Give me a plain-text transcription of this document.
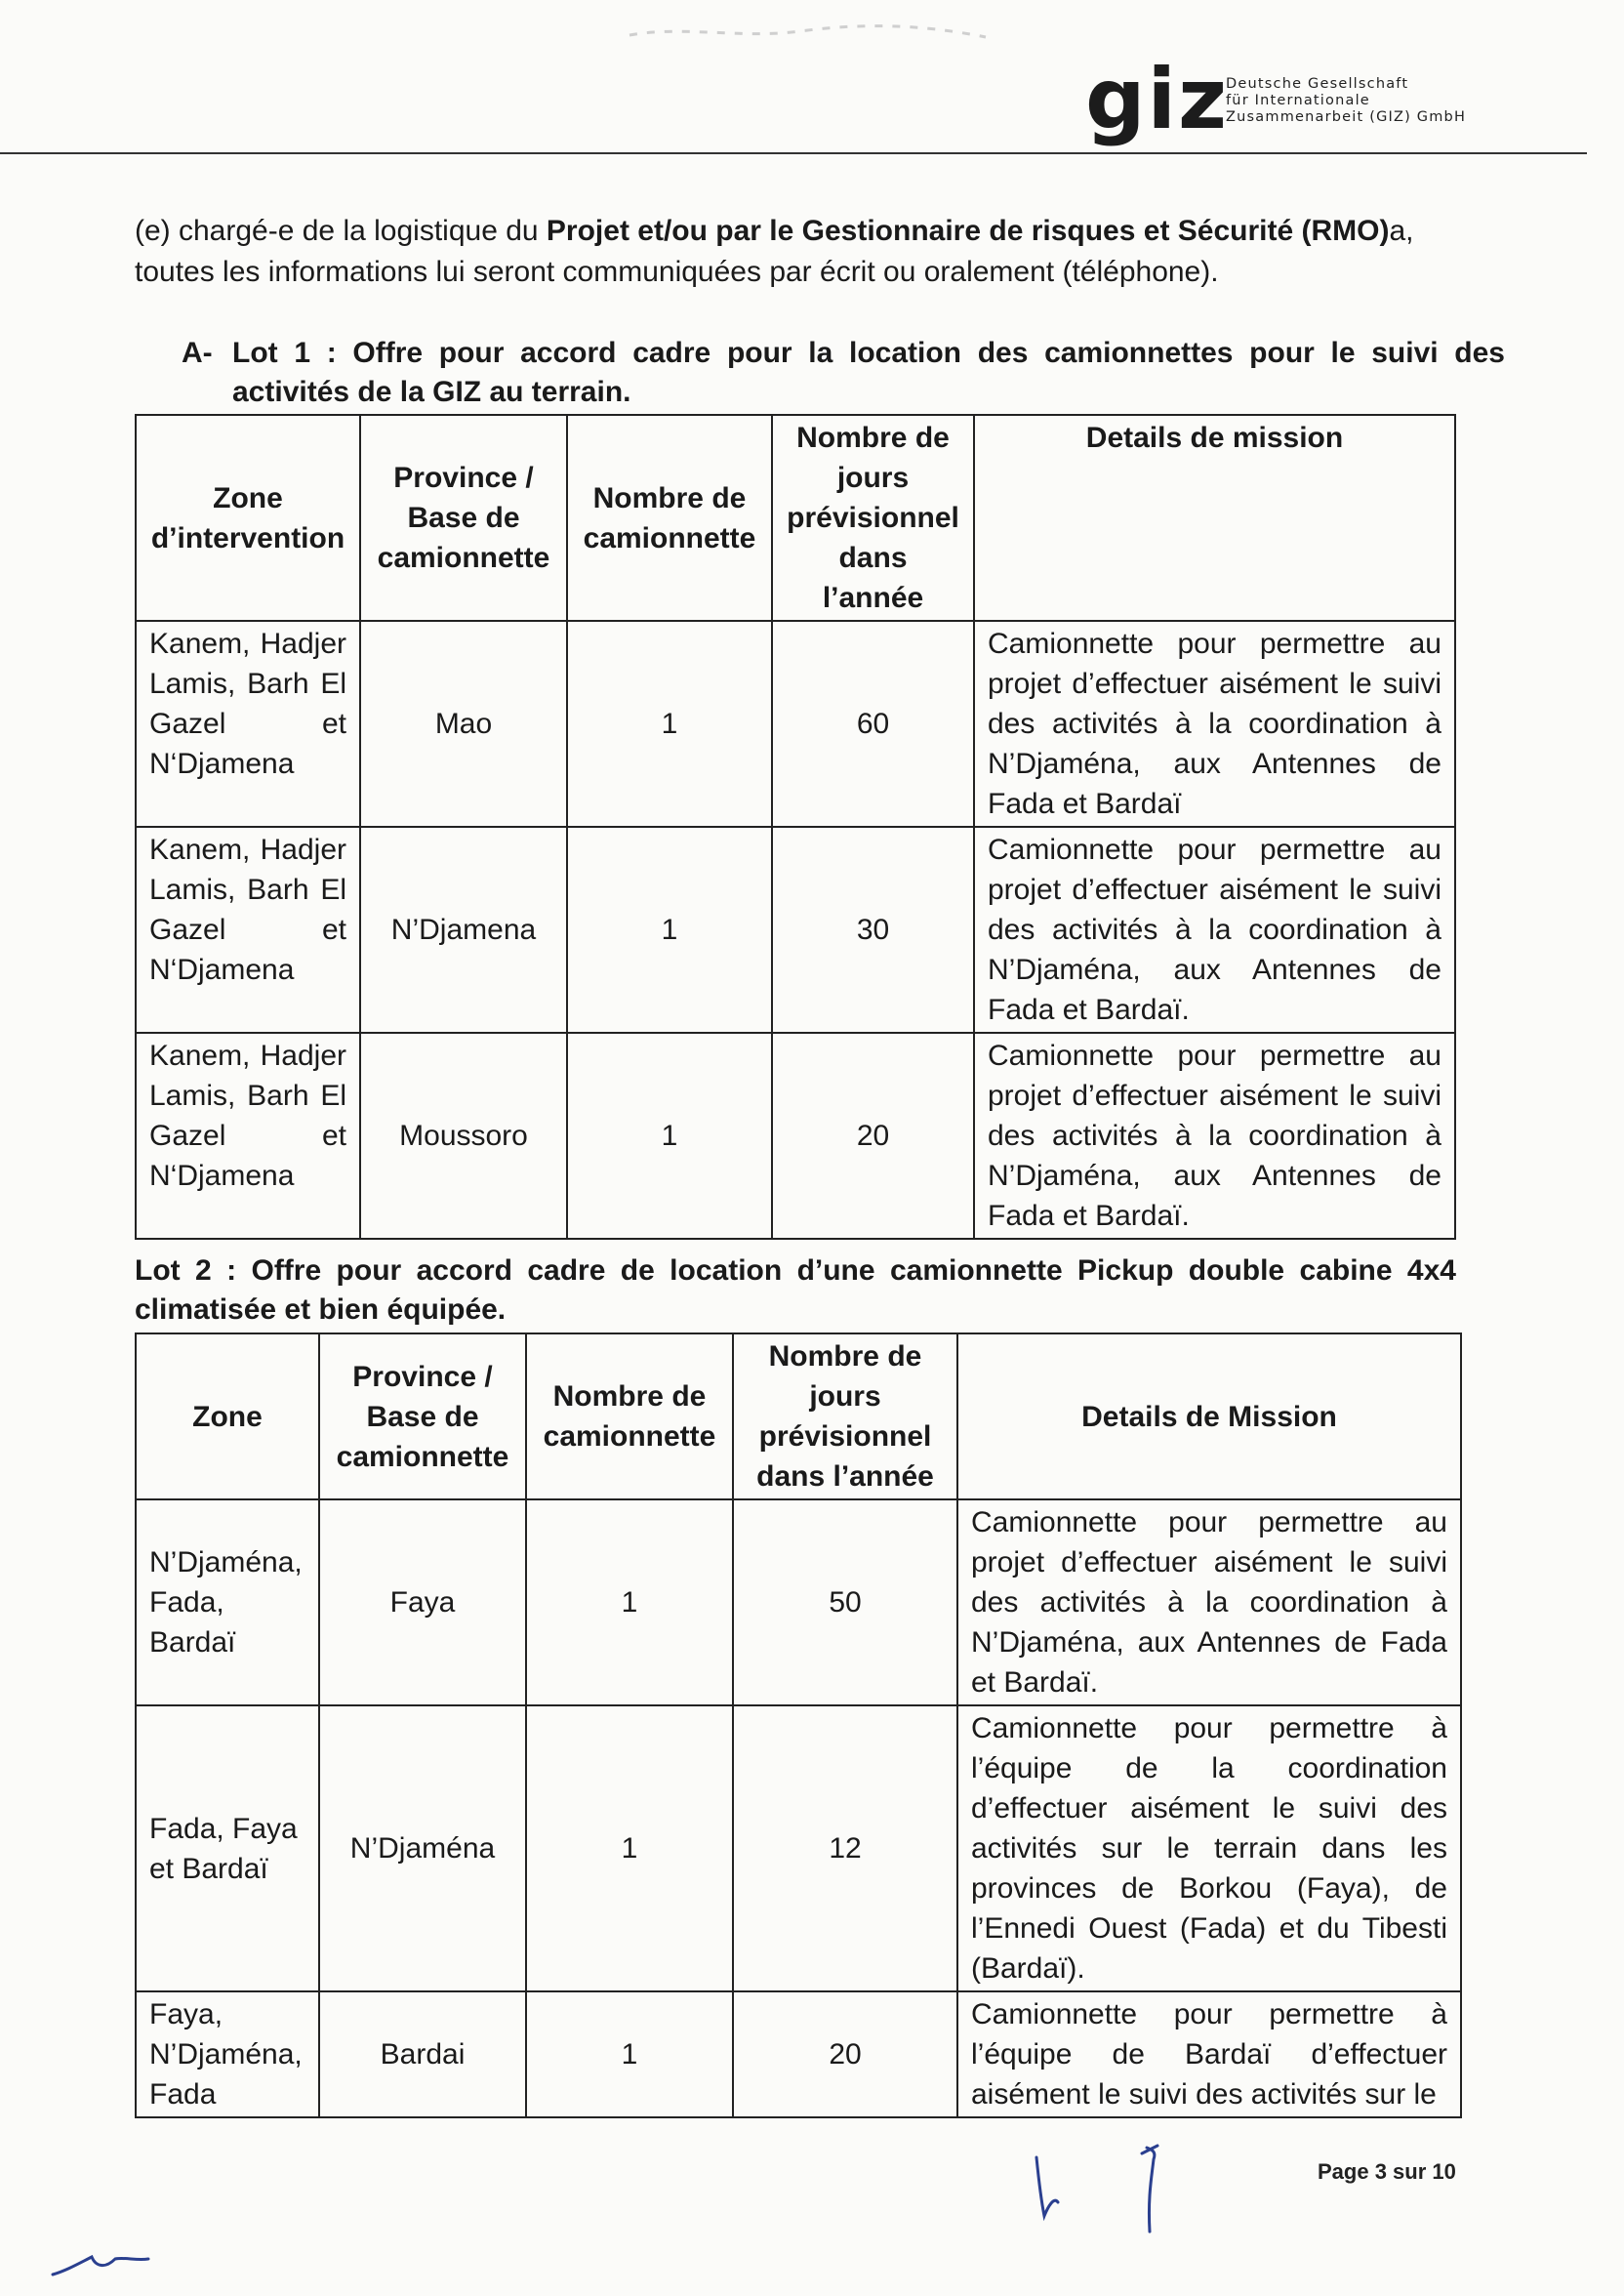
giz
Deutsche Gesellschaft
für Internationale
Zusammenarbeit (GIZ) GmbH

(e) chargé-e de la logistique du Projet et/ou par le Gestionnaire de risques et Sécurité (RMO)a, toutes les informations lui seront communiquées par écrit ou oralement (téléphone).

A- Lot 1 : Offre pour accord cadre pour la location des camionnettes pour le suivi des activités de la GIZ au terrain.
Zone d’intervention	Province / Base de camionnette	Nombre de camionnette	Nombre de jours prévisionnel dans l’année	Details de mission
Kanem, Hadjer Lamis, Barh El Gazel et N‘Djamena	Mao	1	60	Camionnette pour permettre au projet d’effectuer aisément le suivi des activités à la coordination à N’Djaména, aux Antennes de Fada et Bardaï
Kanem, Hadjer Lamis, Barh El Gazel et N‘Djamena	N’Djamena	1	30	Camionnette pour permettre au projet d’effectuer aisément le suivi des activités à la coordination à N’Djaména, aux Antennes de Fada et Bardaï.
Kanem, Hadjer Lamis, Barh El Gazel et N‘Djamena	Moussoro	1	20	Camionnette pour permettre au projet d’effectuer aisément le suivi des activités à la coordination à N’Djaména, aux Antennes de Fada et Bardaï.
Lot 2 : Offre pour accord cadre de location d’une camionnette Pickup double cabine 4x4 climatisée et bien équipée.
Zone	Province / Base de camionnette	Nombre de camionnette	Nombre de jours prévisionnel dans l’année	Details de Mission
N’Djaména, Fada, Bardaï	Faya	1	50	Camionnette pour permettre au projet d’effectuer aisément le suivi des activités à la coordination à N’Djaména, aux Antennes de Fada et Bardaï.
Fada, Faya et Bardaï	N’Djaména	1	12	Camionnette pour permettre à l’équipe de la coordination d’effectuer aisément le suivi des activités sur le terrain dans les provinces de Borkou (Faya), de l’Ennedi Ouest (Fada) et du Tibesti (Bardaï).
Faya, N’Djaména, Fada	Bardai	1	20	Camionnette pour permettre à l’équipe de Bardaï d’effectuer aisément le suivi des activités sur le
Page 3 sur 10
